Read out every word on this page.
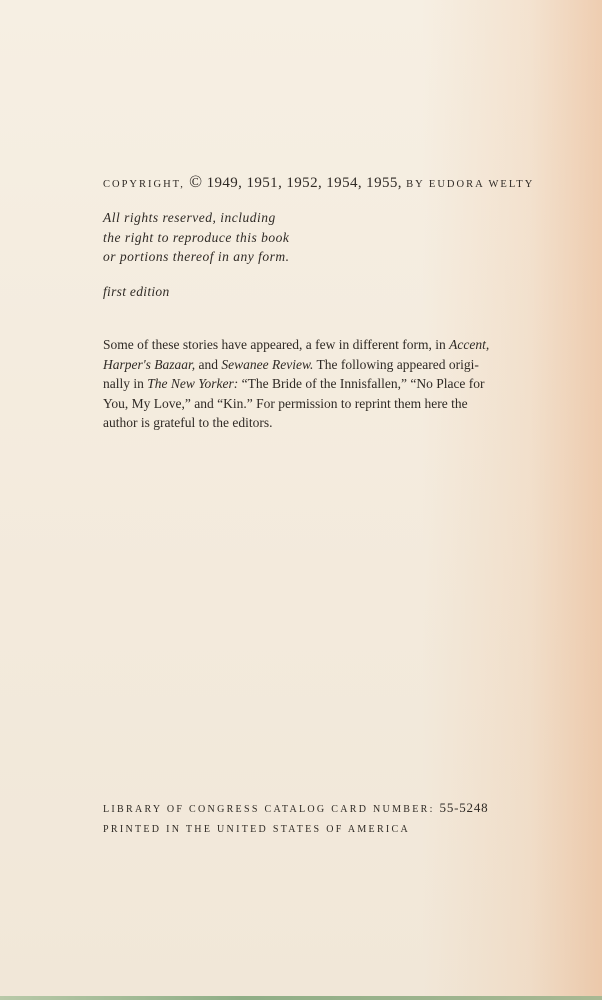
COPYRIGHT, © 1949, 1951, 1952, 1954, 1955, BY EUDORA WELTY
All rights reserved, including
the right to reproduce this book
or portions thereof in any form.
first edition
Some of these stories have appeared, a few in different form, in Accent,
Harper's Bazaar, and Sewanee Review. The following appeared origi-
nally in The New Yorker: “The Bride of the Innisfallen,” “No Place for
You, My Love,” and “Kin.” For permission to reprint them here the
author is grateful to the editors.
LIBRARY OF CONGRESS CATALOG CARD NUMBER: 55-5248
PRINTED IN THE UNITED STATES OF AMERICA
